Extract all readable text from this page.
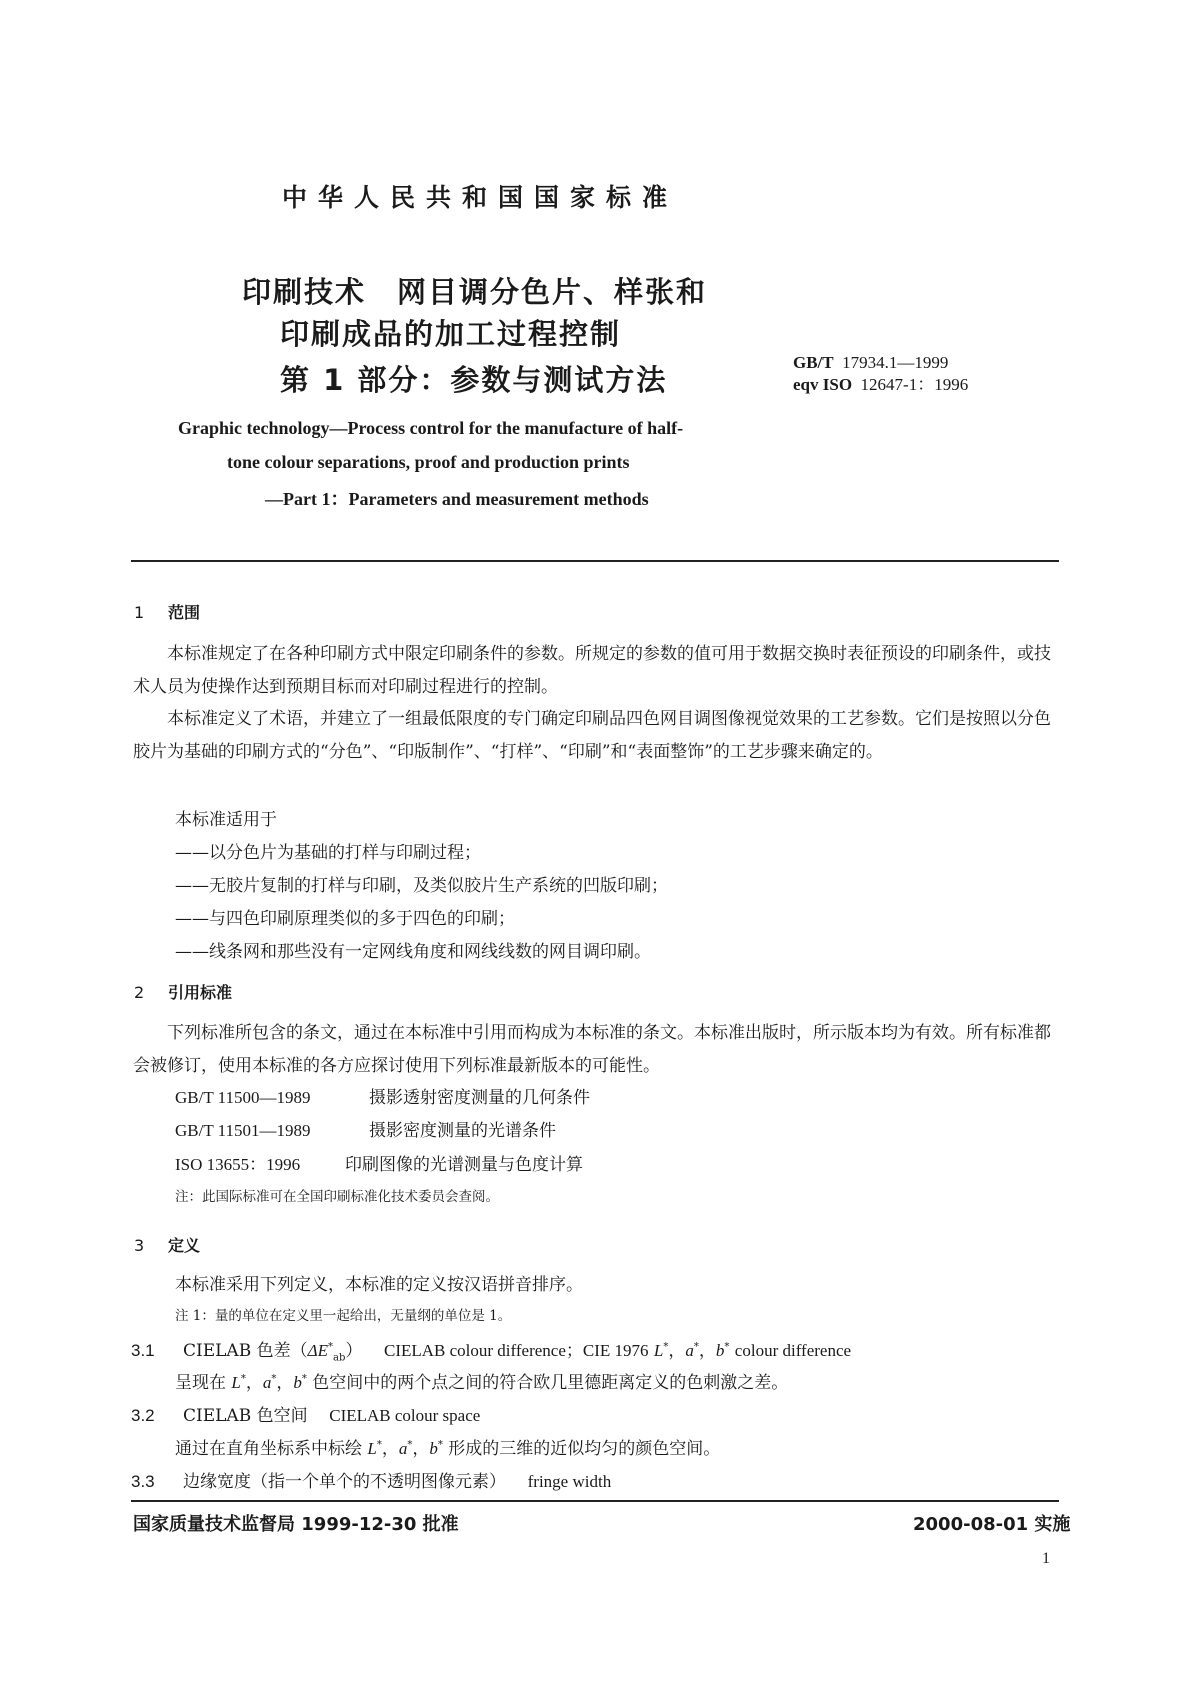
中华人民共和国国家标准
印刷技术　网目调分色片、样张和
印刷成品的加工过程控制
第 1 部分：参数与测试方法
GB/T 17934.1—1999
eqv ISO 12647-1：1996
Graphic technology—Process control for the manufacture of half-
tone colour separations, proof and production prints
—Part 1：Parameters and measurement methods
1 范围
本标准规定了在各种印刷方式中限定印刷条件的参数。所规定的参数的值可用于数据交换时表征预设的印刷条件，或技术人员为使操作达到预期目标而对印刷过程进行的控制。
本标准定义了术语，并建立了一组最低限度的专门确定印刷品四色网目调图像视觉效果的工艺参数。它们是按照以分色胶片为基础的印刷方式的“分色”、“印版制作”、“打样”、“印刷”和“表面整饰”的工艺步骤来确定的。
本标准适用于
——以分色片为基础的打样与印刷过程；
——无胶片复制的打样与印刷，及类似胶片生产系统的凹版印刷；
——与四色印刷原理类似的多于四色的印刷；
——线条网和那些没有一定网线角度和网线线数的网目调印刷。
2 引用标准
下列标准所包含的条文，通过在本标准中引用而构成为本标准的条文。本标准出版时，所示版本均为有效。所有标准都会被修订，使用本标准的各方应探讨使用下列标准最新版本的可能性。
GB/T 11500—1989	摄影透射密度测量的几何条件
GB/T 11501—1989	摄影密度测量的光谱条件
ISO 13655：1996	印刷图像的光谱测量与色度计算
注：此国际标准可在全国印刷标准化技术委员会查阅。
3 定义
本标准采用下列定义，本标准的定义按汉语拼音排序。
注 1：量的单位在定义里一起给出，无量纲的单位是 1。
3.1 CIELAB 色差$(\Delta E^*_{ab})$    CIELAB colour difference；CIE 1976 L*，a*，b* colour difference
呈现在 L*，a*，b* 色空间中的两个点之间的符合欧几里德距离定义的色刺激之差。
3.2 CIELAB 色空间 CIELAB colour space
通过在直角坐标系中标绘 L*，a*，b* 形成的三维的近似均匀的颜色空间。
3.3 边缘宽度（指一个单个的不透明图像元素） fringe width
国家质量技术监督局 1999-12-30 批准	2000-08-01 实施
1
